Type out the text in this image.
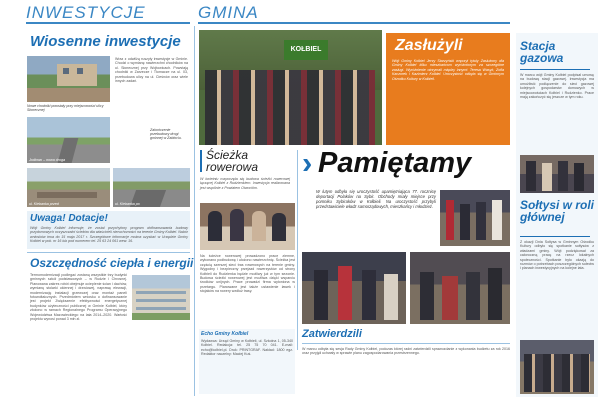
INWESTYCJE	GMINA
Wiosenne inwestycje
Nowe chodniki powstały przy miejscowości ulicy Słonecznej
Wraz z odwilżą ruszyły inwestycje w Gminie. Chodzi o wymianę nawierzchni chodników na ul. Słonecznej przy Wojtowicach. Powstają chodniki w Zarzecze i Tłomacze na ul. 03, przebudowa ulicy na ul. Cieśnów oraz wiele innych zadań.
Jodłowo – nowa droga
Zakończenie przebudowy drogi gminnej w Zabłociu.
ul. Klebanka przed	ul. Klebanka po
Uwaga! Dotacje!
Wójt Gminy Kołbiel informuje, że zostal przychylony program dofinansowania budowy przydomowych oczyszczalni ścieków dla właścicieli nieruchomości na terenie Gminy Kołbiel. Nabór wniosków trwa do 15 maja 2017 r. Szczegółowe informacje można uzyskać w Urzędzie Gminy Kołbiel w pok. nr 16 lub pod numerem tel. 25 63 24 061 wew. 16.
Oszczędność ciepła i energii
Termomodernizacji podlegać zostaną wszystkie trzy budynki gminnych szkół podstawowych – w Rudzie i Chrosnej. Planowana zakres robót obejmuje ocieplenie ścian i dachów, wymianę stolarki okiennej i drzwiowej, naprawę elewacji, modernizację instalacji grzewczej oraz montaż paneli fotowoltaicznych. Przedmiotem wniosku o dofinansowanie jest projekt Zwiększenie efektywności energetycznej budynków użyteczności publicznej w Gminie Kołbiel, który złożono w ramach Regionalnego Programu Operacyjnego Województwa Mazowieckiego na lata 2014–2020. Wartość projektu wynosi ponad 3 mln zł.
KOŁBIEL	Zasłużyli
Wójt Gminy Kołbiel Jerzy Starzyński wręczył tytuły Zasłużony dla Gminy Kołbiel kilku mieszkańcom wyróżnionym za szczególne zasługi. Wyróżnienie otrzymali między innymi: Teresa Wasyk, Zofia Kaczorek i Kazimierz Kołbiel. Uroczystość odbyła się w Gminnym Ośrodku Kultury w Kołbieli.
Ścieżka rowerowa
W kwietniu rozpoczęła się budowa ścieżki rowerowej łączącej Kołbiel z Rudzienkiem. Inwestycja realizowana jest wspólnie z Powiatem Otwockim.
Na ścieżce rowerowej prowadzono prace ziemne, wykonano podbudowę i ułożono nawierzchnię. Ścieżka jest częścią szerszej sieci tras rowerowych na terenie gminy. Wygodny i bezpieczny przejazd rowerzystów od strony Kołbieli do Rudzienka będzie możliwy już w tym sezonie. Budowa ścieżki rowerowej jest możliwa dzięki wsparciu środków unijnych. Prace prowadzi firma wyłoniona w przetargu. Planowane jest także ustawienie ławek i stojaków na rowery wzdłuż trasy.
Echo Gminy Kołbiel
Wydawca: Urząd Gminy w Kołbieli, ul. Szkolna 1, 05-340 Kołbiel. Redakcja: tel. 25 75 70 041. E-mail: echo@kolbiel.pl. Druk: PRINTGRAF. Nakład: 1800 egz. Redaktor naczelny: Maciej Kuś.
› Pamiętamy
W lutym odbyła się uroczystość upamiętniająca 77. rocznicę deportacji Polaków na Sybir. Obchody miały miejsce przy pomniku Sybiraków w Kołbieli. Na uroczystość przybyli przedstawiciele władz samorządowych, mieszkańcy i młodzież.
Zatwierdzili
W marcu odbyła się sesja Rady Gminy Kołbiel, podczas której radni zatwierdzili sprawozdanie z wykonania budżetu za rok 2016 oraz przyjęli uchwały w sprawie planu zagospodarowania przestrzennego.
Stacja gazowa
W marcu wójt Gminy Kołbiel podpisał umowę na budowę stacji gazowej. Inwestycja ma umożliwić podłączenie do sieci gazowej kolejnych gospodarstw domowych w miejscowościach Kołbiel i Rudzienko. Prace mają zakończyć się jeszcze w tym roku.
Sołtysi w roli głównej
Z okazji Dnia Sołtysa w Gminnym Ośrodku Kultury odbyło się spotkanie sołtysów z władzami gminy. Wójt podziękował za całoroczną pracę na rzecz lokalnych społeczności. Spotkanie było okazją do rozmów o potrzebach poszczególnych sołectw i planach inwestycyjnych na kolejne lata.
